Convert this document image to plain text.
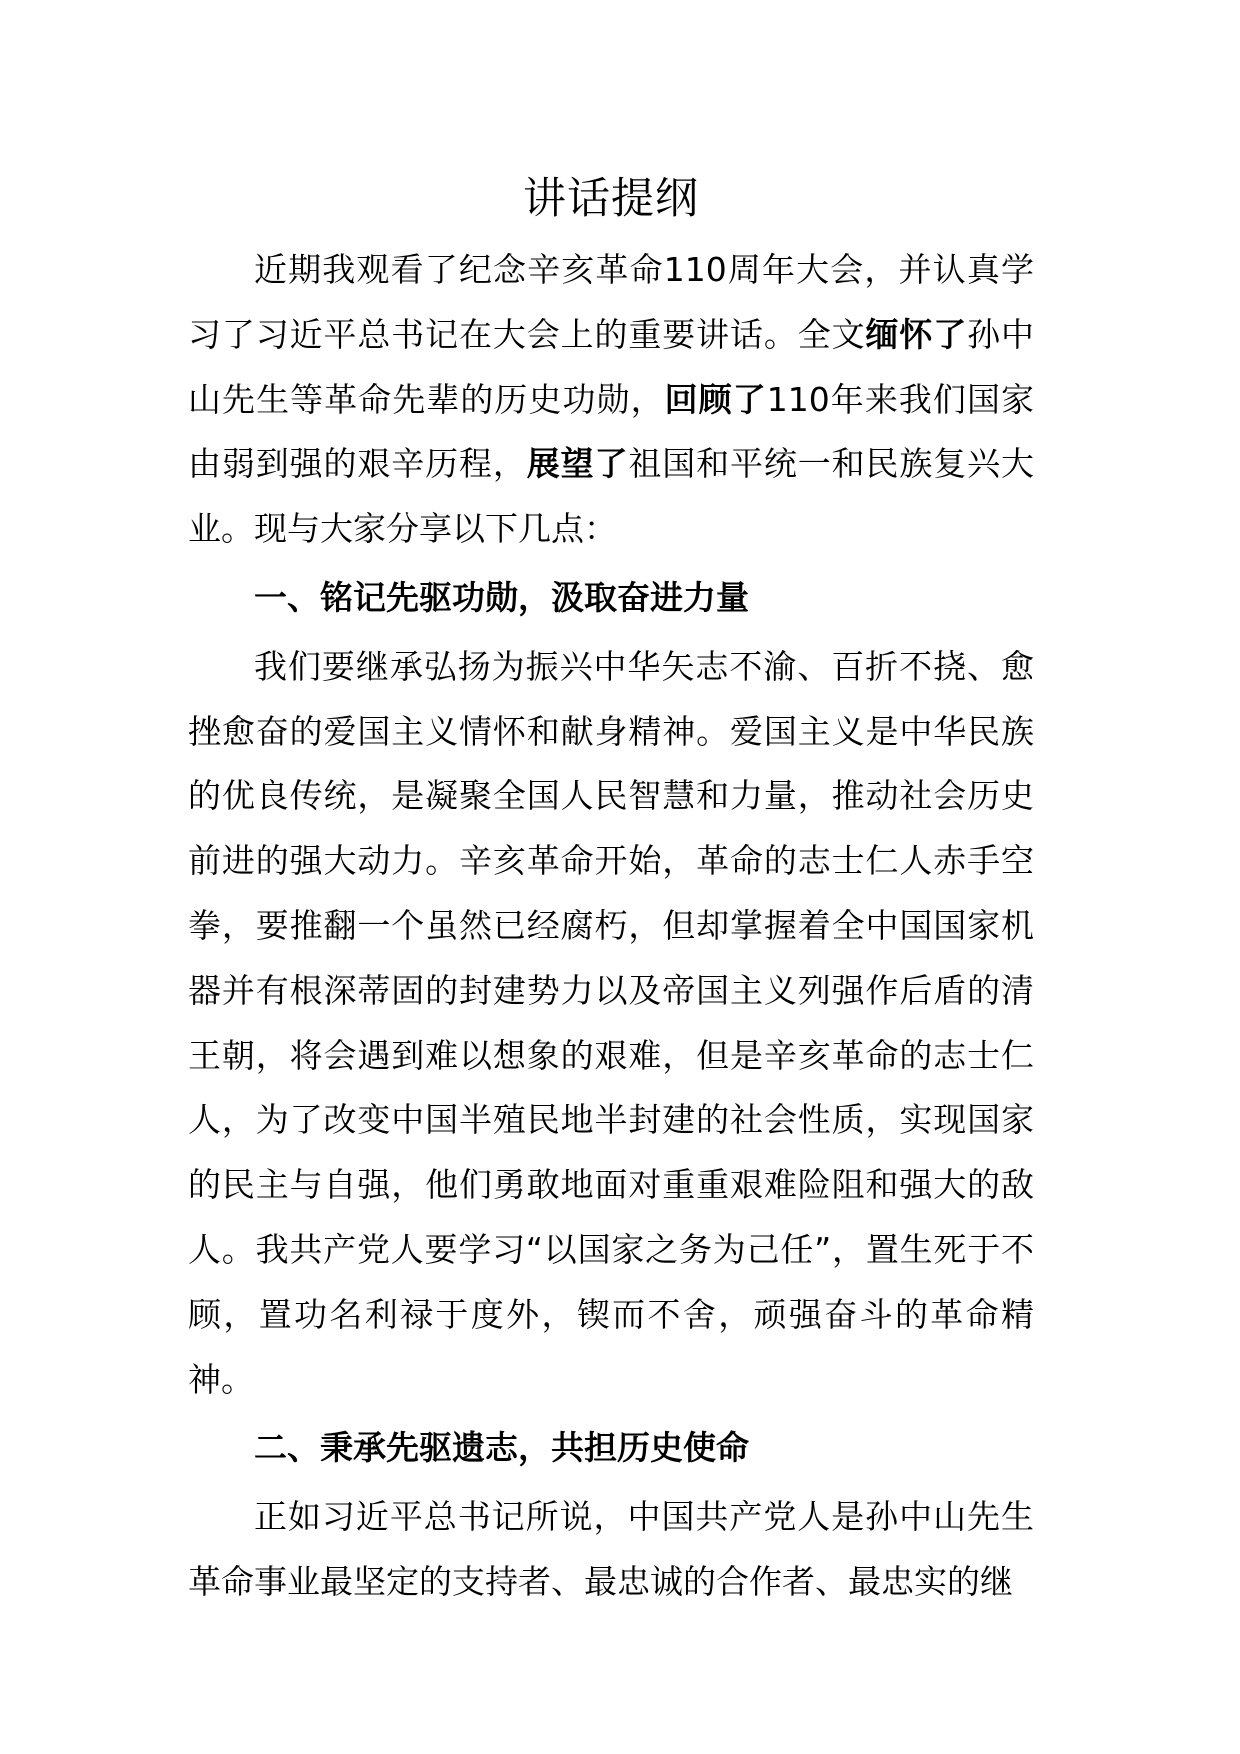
讲话提纲

近期我观看了纪念辛亥革命110周年大会，并认真学习了习近平总书记在大会上的重要讲话。全文缅怀了孙中山先生等革命先辈的历史功勋，回顾了110年来我们国家由弱到强的艰辛历程，展望了祖国和平统一和民族复兴大业。现与大家分享以下几点：

一、铭记先驱功勋，汲取奋进力量

我们要继承弘扬为振兴中华矢志不渝、百折不挠、愈挫愈奋的爱国主义情怀和献身精神。爱国主义是中华民族的优良传统，是凝聚全国人民智慧和力量，推动社会历史前进的强大动力。辛亥革命开始，革命的志士仁人赤手空拳，要推翻一个虽然已经腐朽，但却掌握着全中国国家机器并有根深蒂固的封建势力以及帝国主义列强作后盾的清王朝，将会遇到难以想象的艰难，但是辛亥革命的志士仁人，为了改变中国半殖民地半封建的社会性质，实现国家的民主与自强，他们勇敢地面对重重艰难险阻和强大的敌人。我共产党人要学习“以国家之务为己任”，置生死于不顾，置功名利禄于度外，锲而不舍，顽强奋斗的革命精神。

二、秉承先驱遗志，共担历史使命

正如习近平总书记所说，中国共产党人是孙中山先生革命事业最坚定的支持者、最忠诚的合作者、最忠实的继
